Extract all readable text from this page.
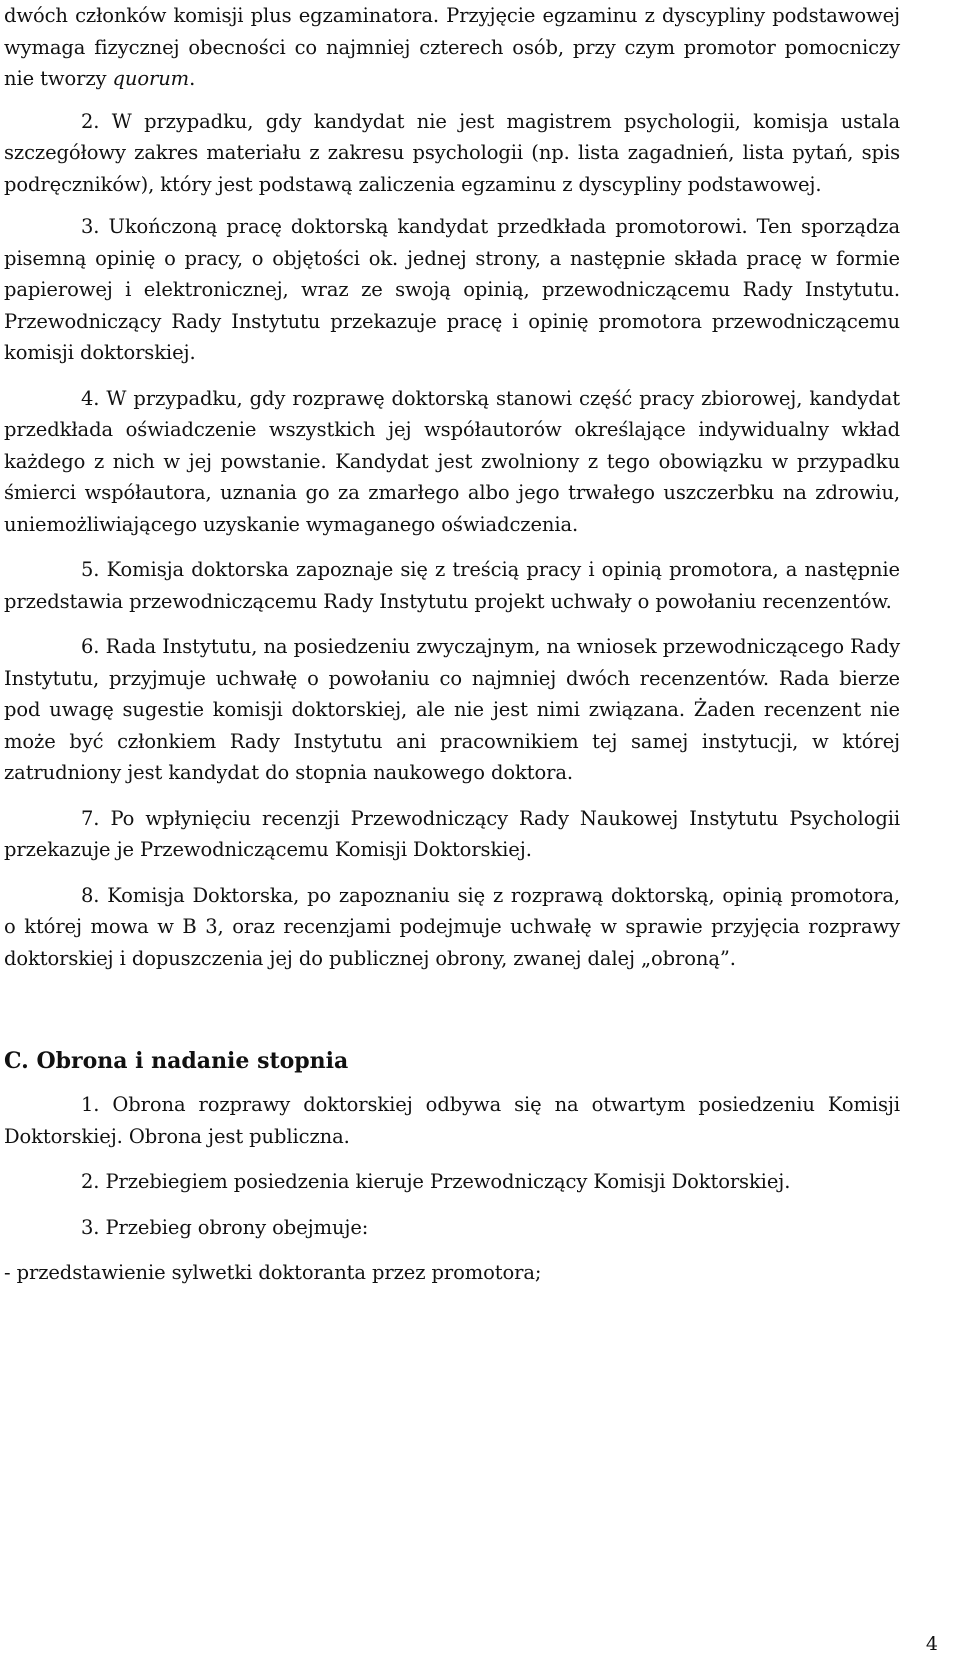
dwóch członków komisji plus egzaminatora. Przyjęcie egzaminu z dyscypliny podstawowej wymaga fizycznej obecności co najmniej czterech osób, przy czym promotor pomocniczy nie tworzy quorum.

2. W przypadku, gdy kandydat nie jest magistrem psychologii, komisja ustala szczegółowy zakres materiału z zakresu psychologii (np. lista zagadnień, lista pytań, spis podręczników), który jest podstawą zaliczenia egzaminu z dyscypliny podstawowej.

3. Ukończoną pracę doktorską kandydat przedkłada promotorowi. Ten sporządza pisemną opinię o pracy, o objętości ok. jednej strony, a następnie składa pracę w formie papierowej i elektronicznej, wraz ze swoją opinią, przewodniczącemu Rady Instytutu. Przewodniczący Rady Instytutu przekazuje pracę i opinię promotora przewodniczącemu komisji doktorskiej.

4. W przypadku, gdy rozprawę doktorską stanowi część pracy zbiorowej, kandydat przedkłada oświadczenie wszystkich jej współautorów określające indywidualny wkład każdego z nich w jej powstanie. Kandydat jest zwolniony z tego obowiązku w przypadku śmierci współautora, uznania go za zmarłego albo jego trwałego uszczerbku na zdrowiu, uniemożliwiającego uzyskanie wymaganego oświadczenia.

5. Komisja doktorska zapoznaje się z treścią pracy i opinią promotora, a następnie przedstawia przewodniczącemu Rady Instytutu projekt uchwały o powołaniu recenzentów.

6. Rada Instytutu, na posiedzeniu zwyczajnym, na wniosek przewodniczącego Rady Instytutu, przyjmuje uchwałę o powołaniu co najmniej dwóch recenzentów. Rada bierze pod uwagę sugestie komisji doktorskiej, ale nie jest nimi związana. Żaden recenzent nie może być członkiem Rady Instytutu ani pracownikiem tej samej instytucji, w której zatrudniony jest kandydat do stopnia naukowego doktora.

7. Po wpłynięciu recenzji Przewodniczący Rady Naukowej Instytutu Psychologii przekazuje je Przewodniczącemu Komisji Doktorskiej.

8. Komisja Doktorska, po zapoznaniu się z rozprawą doktorską, opinią promotora, o której mowa w B 3, oraz recenzjami podejmuje uchwałę w sprawie przyjęcia rozprawy doktorskiej i dopuszczenia jej do publicznej obrony, zwanej dalej „obroną”.

C. Obrona i nadanie stopnia

1. Obrona rozprawy doktorskiej odbywa się na otwartym posiedzeniu Komisji Doktorskiej. Obrona jest publiczna.

2. Przebiegiem posiedzenia kieruje Przewodniczący Komisji Doktorskiej.

3. Przebieg obrony obejmuje:

- przedstawienie sylwetki doktoranta przez promotora;

4
